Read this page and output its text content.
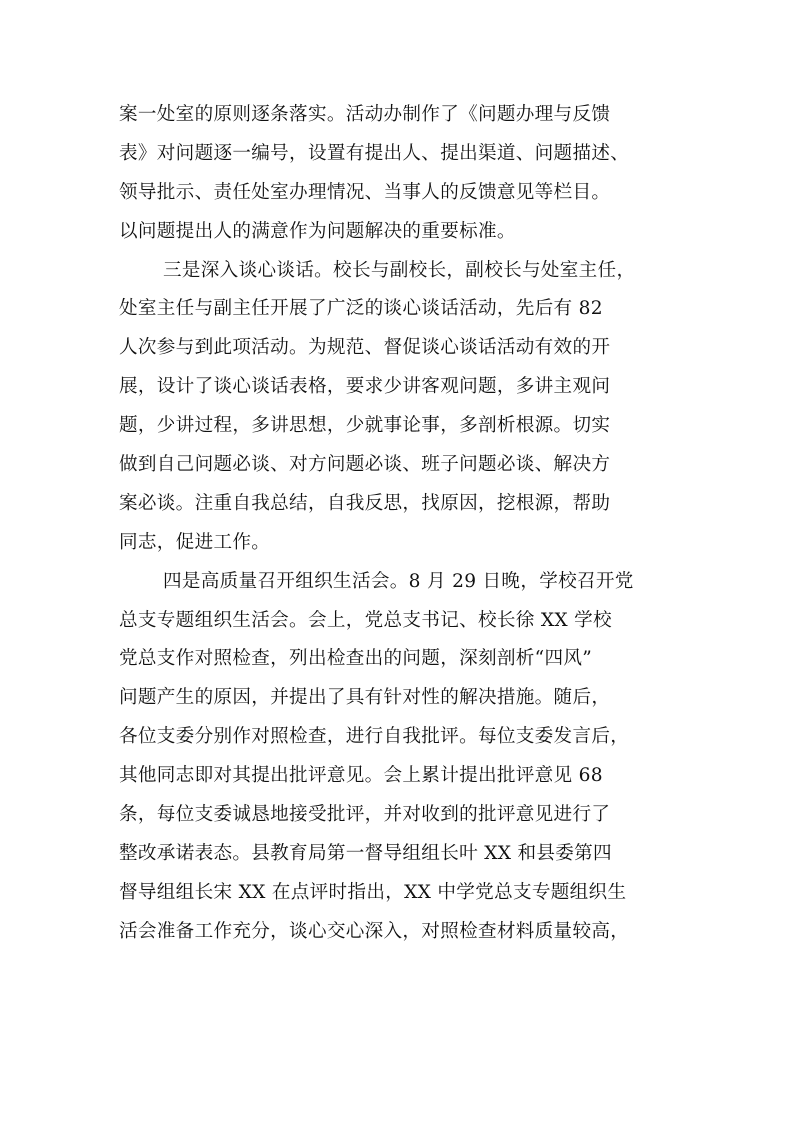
案一处室的原则逐条落实。活动办制作了《问题办理与反馈
表》对问题逐一编号，设置有提出人、提出渠道、问题描述、
领导批示、责任处室办理情况、当事人的反馈意见等栏目。
以问题提出人的满意作为问题解决的重要标准。
三是深入谈心谈话。校长与副校长，副校长与处室主任，
处室主任与副主任开展了广泛的谈心谈话活动，先后有 82
人次参与到此项活动。为规范、督促谈心谈话活动有效的开
展，设计了谈心谈话表格，要求少讲客观问题，多讲主观问
题，少讲过程，多讲思想，少就事论事，多剖析根源。切实
做到自己问题必谈、对方问题必谈、班子问题必谈、解决方
案必谈。注重自我总结，自我反思，找原因，挖根源，帮助
同志，促进工作。
四是高质量召开组织生活会。8 月 29 日晚，学校召开党
总支专题组织生活会。会上，党总支书记、校长徐 XX 学校
党总支作对照检查，列出检查出的问题，深刻剖析“四风”
问题产生的原因，并提出了具有针对性的解决措施。随后，
各位支委分别作对照检查，进行自我批评。每位支委发言后，
其他同志即对其提出批评意见。会上累计提出批评意见 68
条，每位支委诚恳地接受批评，并对收到的批评意见进行了
整改承诺表态。县教育局第一督导组组长叶 XX 和县委第四
督导组组长宋 XX 在点评时指出，XX 中学党总支专题组织生
活会准备工作充分，谈心交心深入，对照检查材料质量较高，
